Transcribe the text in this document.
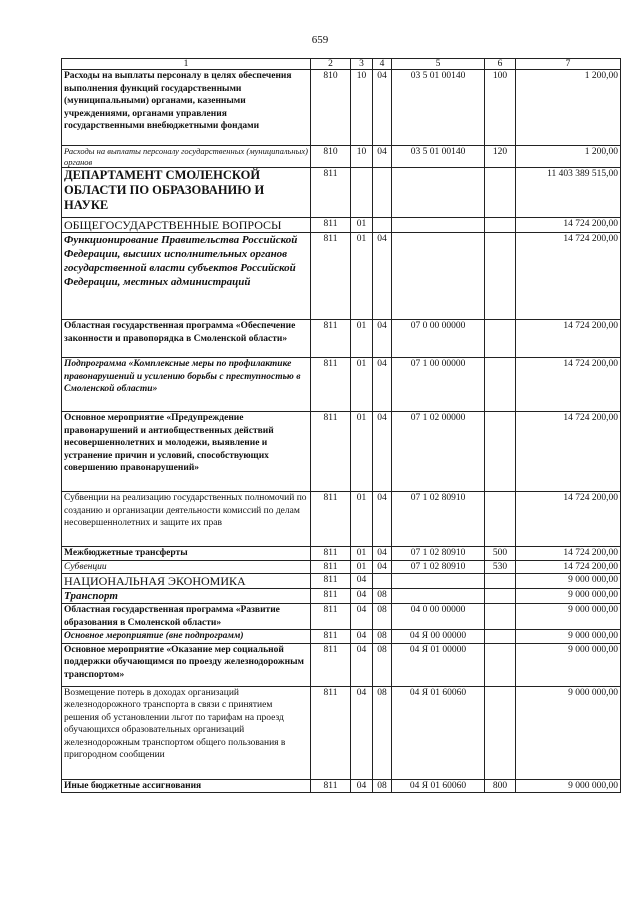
659
1	2	3	4	5	6	7
Расходы на выплаты персоналу в целях обеспечения выполнения функций государственными (муниципальными) органами, казенными учреждениями, органами управления государственными внебюджетными фондами	810	10	04	03 5 01 00140	100	1 200,00
Расходы на выплаты персоналу государственных (муниципальных) органов	810	10	04	03 5 01 00140	120	1 200,00
ДЕПАРТАМЕНТ СМОЛЕНСКОЙ ОБЛАСТИ ПО ОБРАЗОВАНИЮ И НАУКЕ	811					11 403 389 515,00
ОБЩЕГОСУДАРСТВЕННЫЕ ВОПРОСЫ	811	01				14 724 200,00
Функционирование Правительства Российской Федерации, высших исполнительных органов государственной власти субъектов Российской Федерации, местных администраций	811	01	04			14 724 200,00
Областная государственная программа «Обеспечение законности и правопорядка в Смоленской области»	811	01	04	07 0 00 00000		14 724 200,00
Подпрограмма «Комплексные меры по профилактике правонарушений и усилению борьбы с преступностью в Смоленской области»	811	01	04	07 1 00 00000		14 724 200,00
Основное мероприятие «Предупреждение правонарушений и антиобщественных действий несовершеннолетних и молодежи, выявление и устранение причин и условий, способствующих совершению правонарушений»	811	01	04	07 1 02 00000		14 724 200,00
Субвенции на реализацию государственных полномочий по созданию и организации деятельности комиссий по делам несовершеннолетних и защите их прав	811	01	04	07 1 02 80910		14 724 200,00
Межбюджетные трансферты	811	01	04	07 1 02 80910	500	14 724 200,00
Субвенции	811	01	04	07 1 02 80910	530	14 724 200,00
НАЦИОНАЛЬНАЯ ЭКОНОМИКА	811	04				9 000 000,00
Транспорт	811	04	08			9 000 000,00
Областная государственная программа «Развитие образования в Смоленской области»	811	04	08	04 0 00 00000		9 000 000,00
Основное мероприятие (вне подпрограмм)	811	04	08	04 Я 00 00000		9 000 000,00
Основное мероприятие «Оказание мер социальной поддержки обучающимся по проезду железнодорожным транспортом»	811	04	08	04 Я 01 00000		9 000 000,00
Возмещение потерь в доходах организаций железнодорожного транспорта в связи с принятием решения об установлении льгот по тарифам на проезд обучающихся образовательных организаций железнодорожным транспортом общего пользования в пригородном сообщении	811	04	08	04 Я 01 60060		9 000 000,00
Иные бюджетные ассигнования	811	04	08	04 Я 01 60060	800	9 000 000,00
